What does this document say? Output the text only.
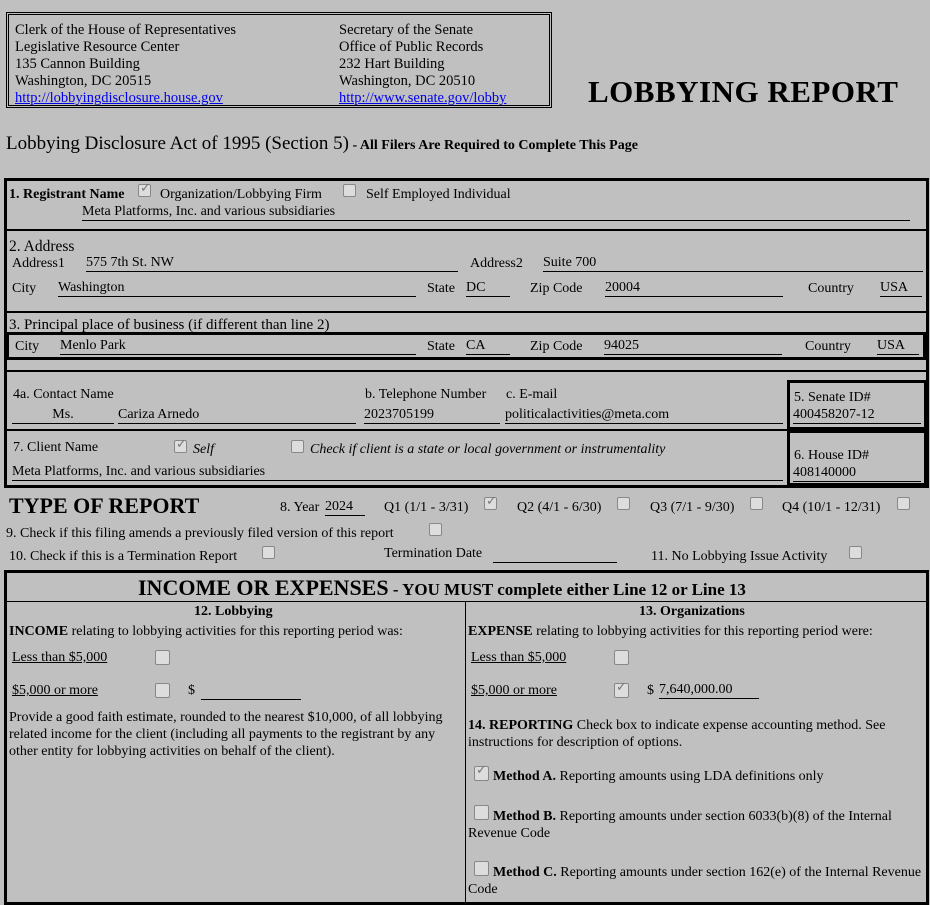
Clerk of the House of Representatives
Legislative Resource Center
135 Cannon Building
Washington, DC 20515
http://lobbyingdisclosure.house.gov
Secretary of the Senate
Office of Public Records
232 Hart Building
Washington, DC 20510
http://www.senate.gov/lobby	LOBBYING REPORT
Lobbying Disclosure Act of 1995 (Section 5) - All Filers Are Required to Complete This Page
1. Registrant Name ✓	Organization/Lobbying Firm	Self Employed Individual
Meta Platforms, Inc. and various subsidiaries
2. Address
Address1 575 7th St. NW	Address2 Suite 700
City Washington	State DC	Zip Code 20004	Country USA
3. Principal place of business (if different than line 2)
City Menlo Park	State CA	Zip Code 94025	Country USA
4a. Contact Name
Ms.	Cariza Arnedo
b. Telephone Number
2023705199
c. E-mail
politicalactivities@meta.com
5. Senate ID#
400458207-12
7. Client Name ✓	Self	Check if client is a state or local government or instrumentality
Meta Platforms, Inc. and various subsidiaries
6. House ID#
408140000
TYPE OF REPORT	8. Year 2024	Q1 (1/1 - 3/31) ✓	Q2 (4/1 - 6/30)	Q3 (7/1 - 9/30)	Q4 (10/1 - 12/31)
9. Check if this filing amends a previously filed version of this report
10. Check if this is a Termination Report	Termination Date	11. No Lobbying Issue Activity
INCOME OR EXPENSES - YOU MUST complete either Line 12 or Line 13
12. Lobbying
INCOME relating to lobbying activities for this reporting period was:
Less than $5,000
$5,000 or more	$
Provide a good faith estimate, rounded to the nearest $10,000, of all lobbying related income for the client (including all payments to the registrant by any other entity for lobbying activities on behalf of the client).
13. Organizations
EXPENSE relating to lobbying activities for this reporting period were:
Less than $5,000
$5,000 or more ✓	$ 7,640,000.00
14. REPORTING Check box to indicate expense accounting method. See instructions for description of options.
✓
Method A. Reporting amounts using LDA definitions only
Method B. Reporting amounts under section 6033(b)(8) of the Internal Revenue Code
Method C. Reporting amounts under section 162(e) of the Internal Revenue Code
